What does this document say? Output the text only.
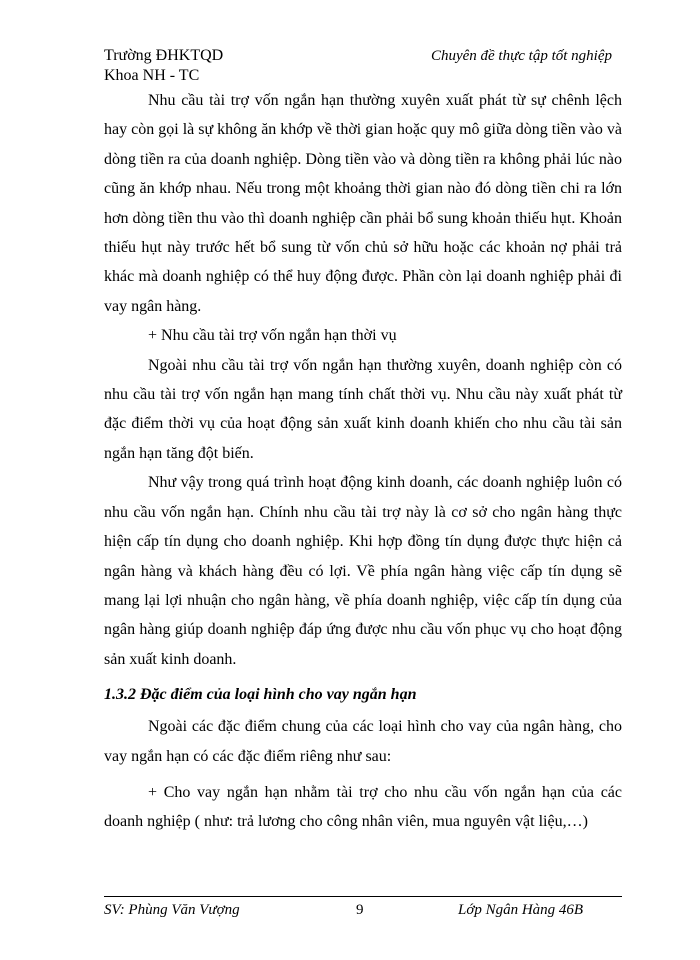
Trường ĐHKTQD
Khoa NH - TC
Chuyên đề thực tập tốt nghiệp

Nhu cầu tài trợ vốn ngắn hạn thường xuyên xuất phát từ sự chênh lệch hay còn gọi là sự không ăn khớp về thời gian hoặc quy mô giữa dòng tiền vào và dòng tiền ra của doanh nghiệp. Dòng tiền vào và dòng tiền ra không phải lúc nào cũng ăn khớp nhau. Nếu trong một khoảng thời gian nào đó dòng tiền chi ra lớn hơn dòng tiền thu vào thì doanh nghiệp cần phải bổ sung khoản thiếu hụt. Khoản thiếu hụt này trước hết bổ sung từ vốn chủ sở hữu hoặc các khoản nợ phải trả khác mà doanh nghiệp có thể huy động được. Phần còn lại doanh nghiệp phải đi vay ngân hàng.

+ Nhu cầu tài trợ vốn ngắn hạn thời vụ

Ngoài nhu cầu tài trợ vốn ngắn hạn thường xuyên, doanh nghiệp còn có nhu cầu tài trợ vốn ngắn hạn mang tính chất thời vụ. Nhu cầu này xuất phát từ đặc điểm thời vụ của hoạt động sản xuất kinh doanh khiến cho nhu cầu tài sản ngắn hạn tăng đột biến.

Như vậy trong quá trình hoạt động kinh doanh, các doanh nghiệp luôn có nhu cầu vốn ngắn hạn. Chính nhu cầu tài trợ này là cơ sở cho ngân hàng thực hiện cấp tín dụng cho doanh nghiệp. Khi hợp đồng tín dụng được thực hiện cả ngân hàng và khách hàng đều có lợi. Về phía ngân hàng việc cấp tín dụng sẽ mang lại lợi nhuận cho ngân hàng, về phía doanh nghiệp, việc cấp tín dụng của ngân hàng giúp doanh nghiệp đáp ứng được nhu cầu vốn phục vụ cho hoạt động sản xuất kinh doanh.

1.3.2 Đặc điểm của loại hình cho vay ngắn hạn

Ngoài các đặc điểm chung của các loại hình cho vay của ngân hàng, cho vay ngắn hạn có các đặc điểm riêng như sau:

+ Cho vay ngắn hạn nhằm tài trợ cho nhu cầu vốn ngắn hạn của các doanh nghiệp ( như: trả lương cho công nhân viên, mua nguyên vật liệu,…)

SV: Phùng Văn Vượng	9	Lớp Ngân Hàng 46B
